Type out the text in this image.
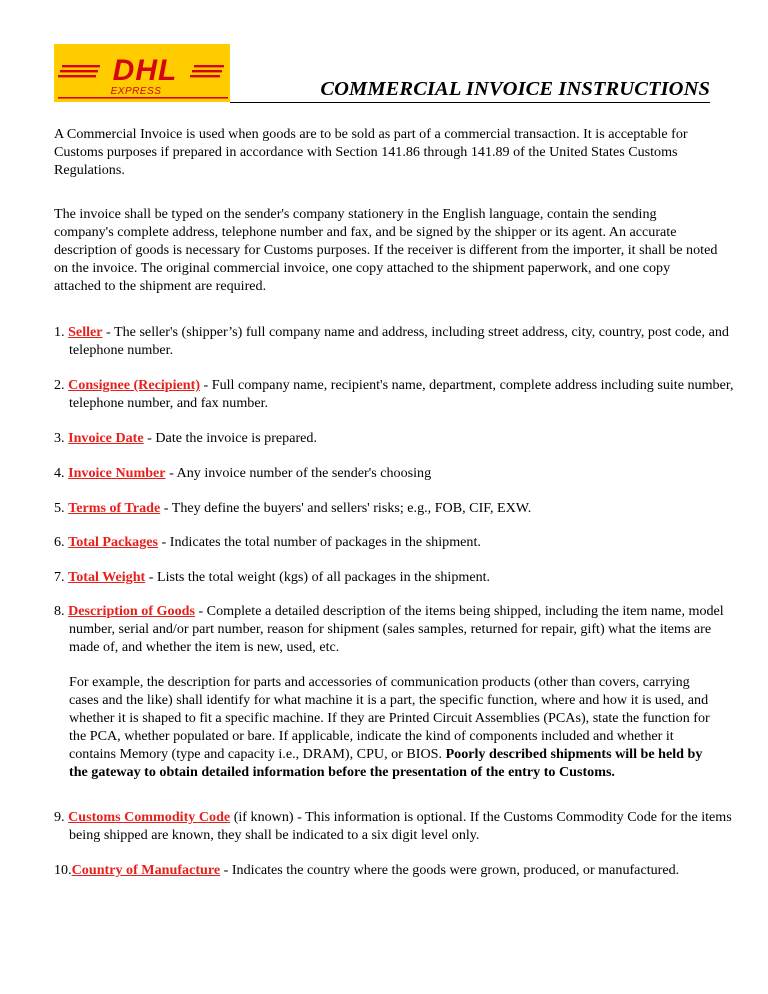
DHL
EXPRESS	COMMERCIAL INVOICE INSTRUCTIONS
A Commercial Invoice is used when goods are to be sold as part of a commercial transaction. It is acceptable for Customs purposes if prepared in accordance with Section 141.86 through 141.89 of the United States Customs Regulations.
The invoice shall be typed on the sender's company stationery in the English language, contain the sending company's complete address, telephone number and fax, and be signed by the shipper or its agent. An accurate description of goods is necessary for Customs purposes. If the receiver is different from the importer, it shall be noted on the invoice. The original commercial invoice, one copy attached to the shipment paperwork, and one copy attached to the shipment are required.
1. Seller - The seller's (shipper’s) full company name and address, including street address, city, country, post code, and telephone number.
2. Consignee (Recipient) - Full company name, recipient's name, department, complete address including suite number, telephone number, and fax number.
3. Invoice Date - Date the invoice is prepared.
4. Invoice Number - Any invoice number of the sender's choosing
5. Terms of Trade - They define the buyers' and sellers' risks; e.g., FOB, CIF, EXW.
6. Total Packages - Indicates the total number of packages in the shipment.
7. Total Weight - Lists the total weight (kgs) of all packages in the shipment.
8. Description of Goods - Complete a detailed description of the items being shipped, including the item name, model number, serial and/or part number, reason for shipment (sales samples, returned for repair, gift) what the items are made of, and whether the item is new, used, etc.
For example, the description for parts and accessories of communication products (other than covers, carrying cases and the like) shall identify for what machine it is a part, the specific function, where and how it is used, and whether it is shaped to fit a specific machine. If they are Printed Circuit Assemblies (PCAs), state the function for the PCA, whether populated or bare. If applicable, indicate the kind of components included and whether it contains Memory (type and capacity i.e., DRAM), CPU, or BIOS. Poorly described shipments will be held by the gateway to obtain detailed information before the presentation of the entry to Customs.
9. Customs Commodity Code (if known) - This information is optional. If the Customs Commodity Code for the items being shipped are known, they shall be indicated to a six digit level only.
10.Country of Manufacture - Indicates the country where the goods were grown, produced, or manufactured.
